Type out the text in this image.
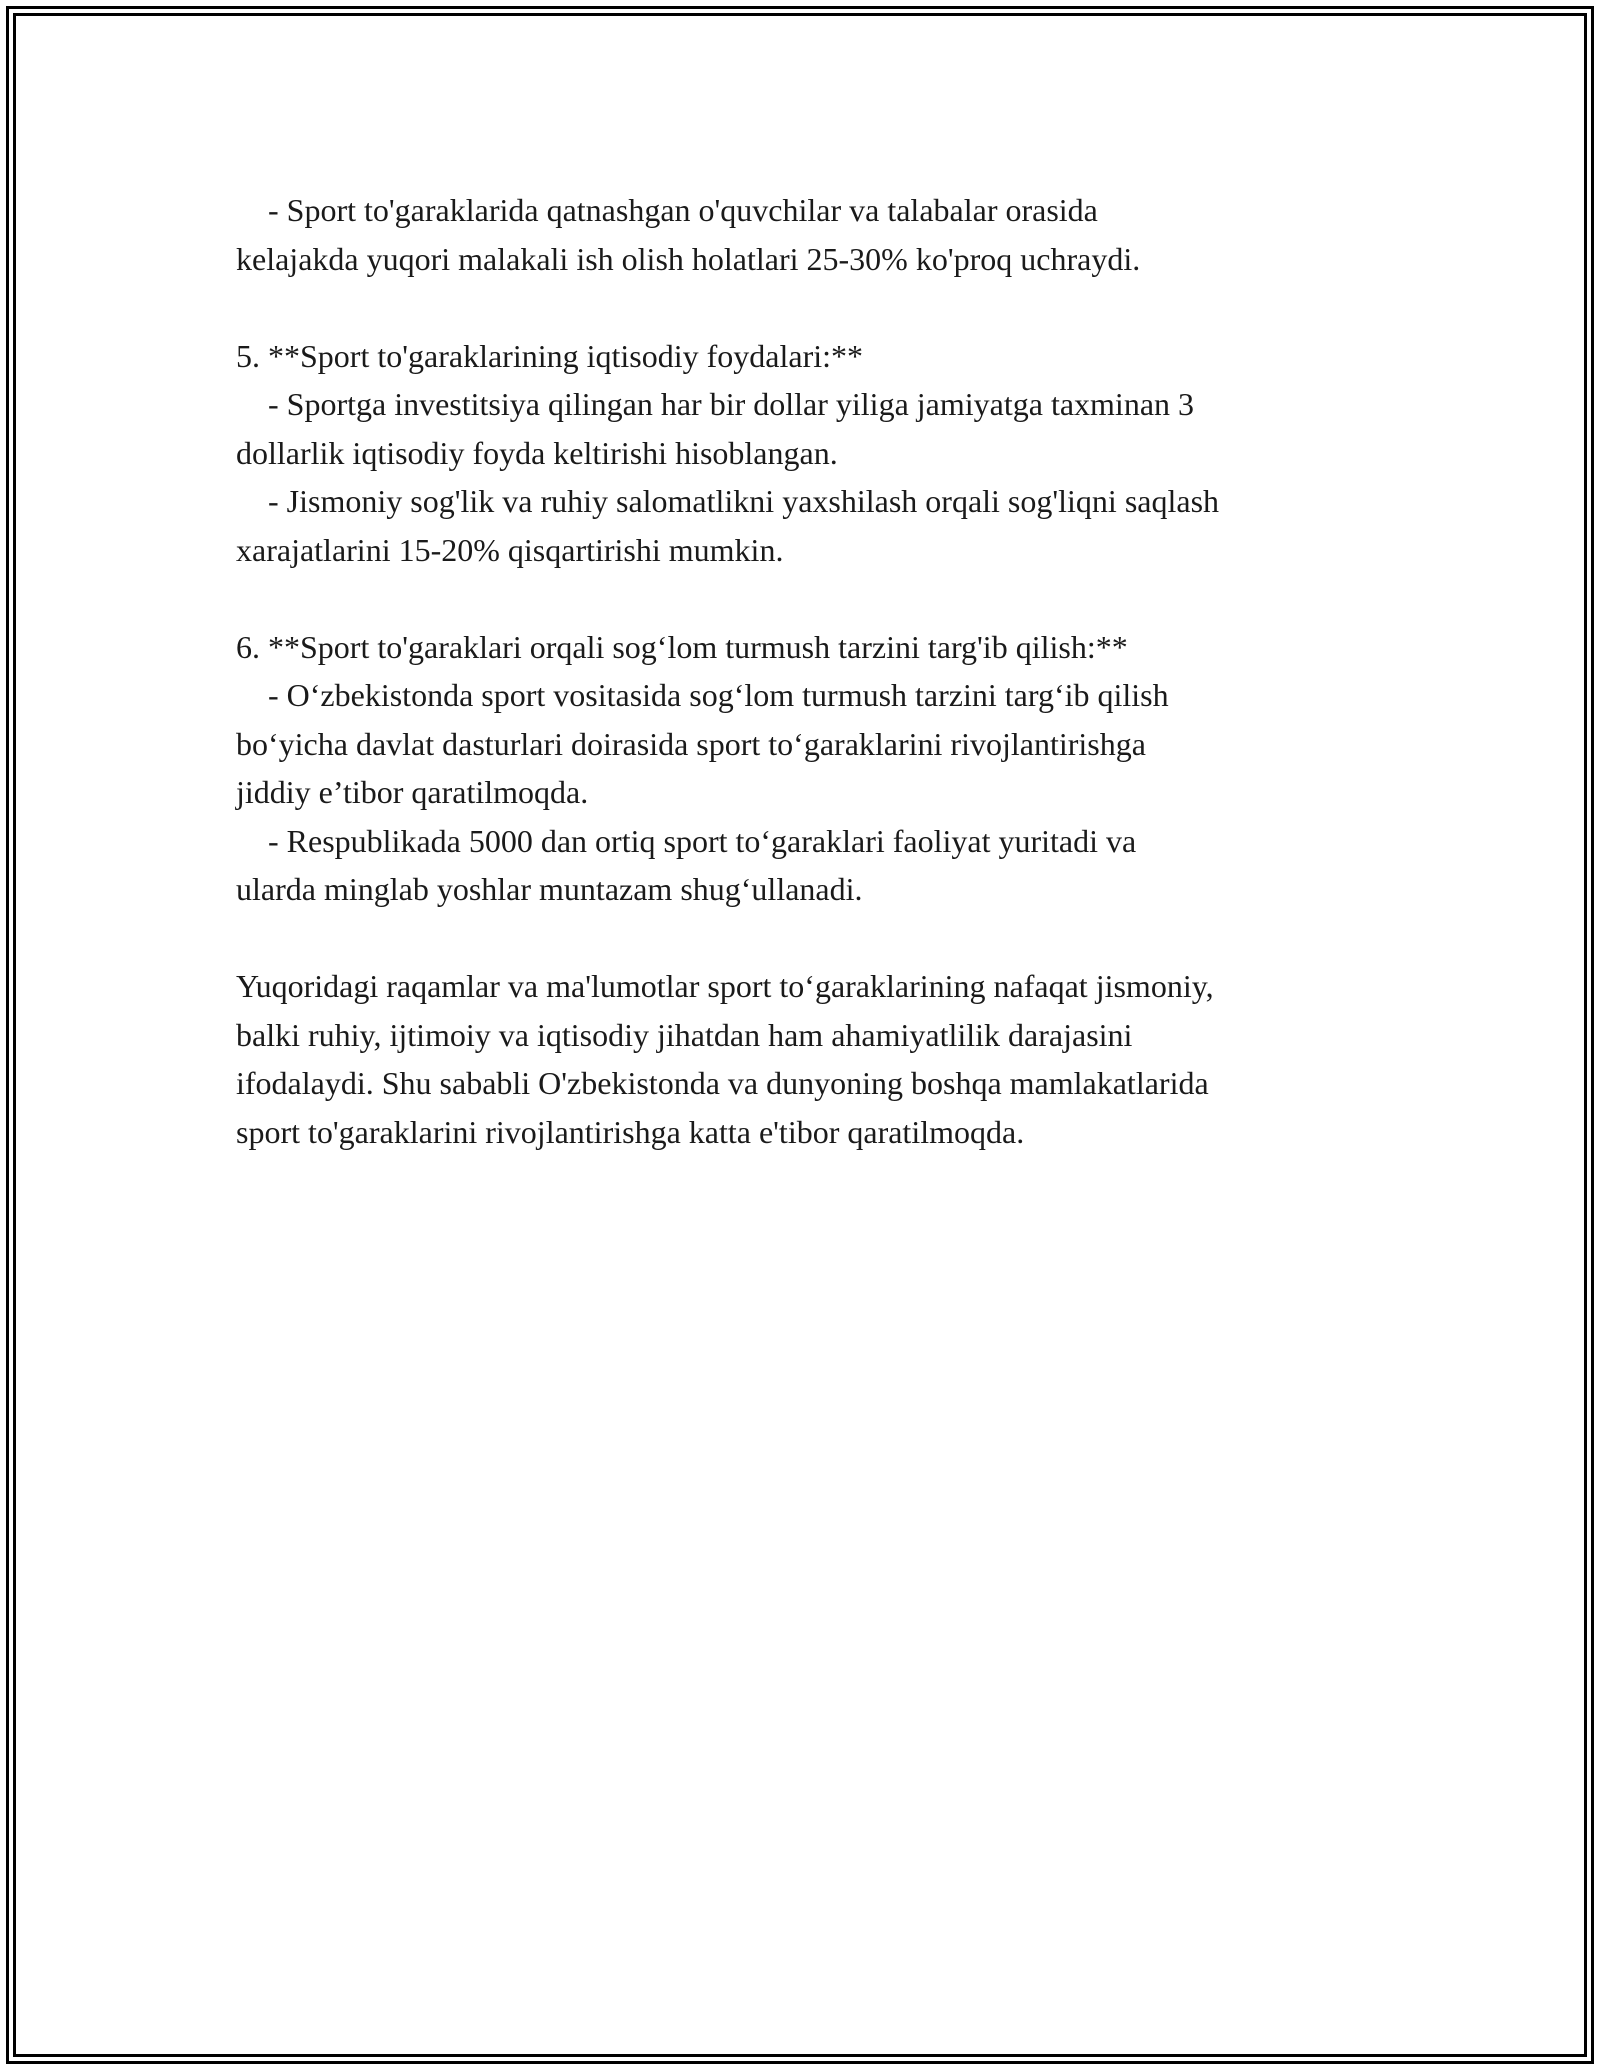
- Sport to'garaklarida qatnashgan o'quvchilar va talabalar orasida
kelajakda yuqori malakali ish olish holatlari 25-30% ko'proq uchraydi.
5. **Sport to'garaklarining iqtisodiy foydalari:**
- Sportga investitsiya qilingan har bir dollar yiliga jamiyatga taxminan 3
dollarlik iqtisodiy foyda keltirishi hisoblangan.
- Jismoniy sog'lik va ruhiy salomatlikni yaxshilash orqali sog'liqni saqlash
xarajatlarini 15-20% qisqartirishi mumkin.
6. **Sport to'garaklari orqali sog‘lom turmush tarzini targ'ib qilish:**
- O‘zbekistonda sport vositasida sog‘lom turmush tarzini targ‘ib qilish
bo‘yicha davlat dasturlari doirasida sport to‘garaklarini rivojlantirishga
jiddiy e’tibor qaratilmoqda.
- Respublikada 5000 dan ortiq sport to‘garaklari faoliyat yuritadi va
ularda minglab yoshlar muntazam shug‘ullanadi.
Yuqoridagi raqamlar va ma'lumotlar sport to‘garaklarining nafaqat jismoniy,
balki ruhiy, ijtimoiy va iqtisodiy jihatdan ham ahamiyatlilik darajasini
ifodalaydi. Shu sababli O'zbekistonda va dunyoning boshqa mamlakatlarida
sport to'garaklarini rivojlantirishga katta e'tibor qaratilmoqda.
